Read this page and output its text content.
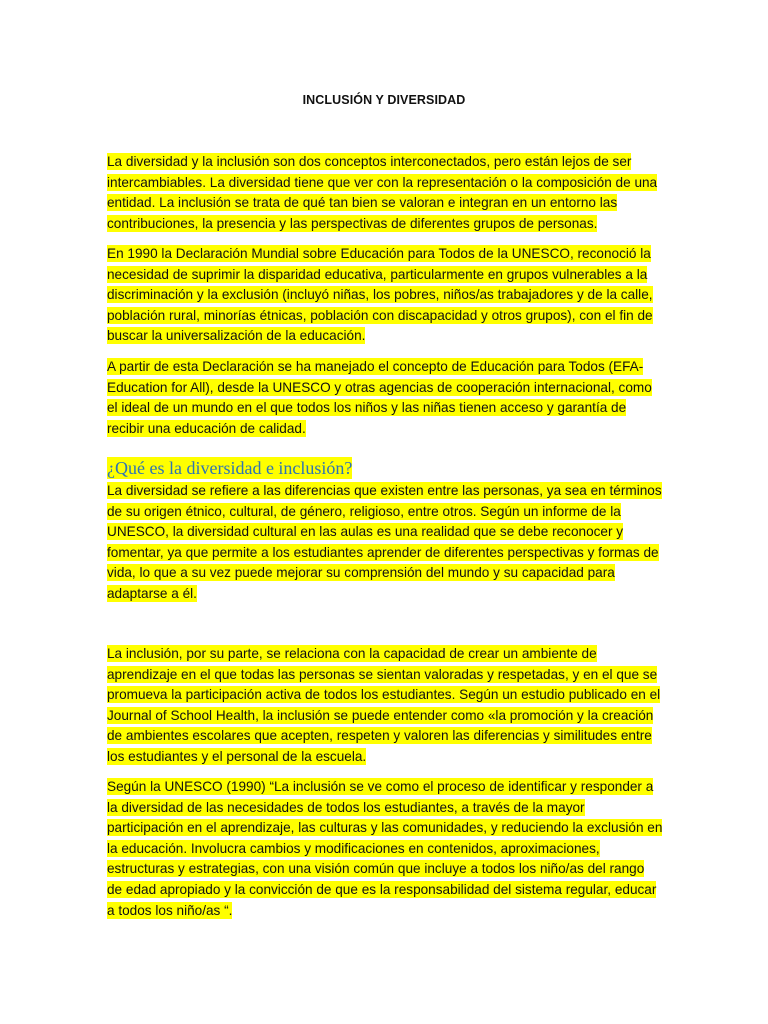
INCLUSIÓN Y DIVERSIDAD
La diversidad y la inclusión son dos conceptos interconectados, pero están lejos de ser intercambiables. La diversidad tiene que ver con la representación o la composición de una entidad. La inclusión se trata de qué tan bien se valoran e integran en un entorno las contribuciones, la presencia y las perspectivas de diferentes grupos de personas.
En 1990 la Declaración Mundial sobre Educación para Todos de la UNESCO, reconoció la necesidad de suprimir la disparidad educativa, particularmente en grupos vulnerables a la discriminación y la exclusión (incluyó niñas, los pobres, niños/as trabajadores y de la calle, población rural, minorías étnicas, población con discapacidad y otros grupos), con el fin de buscar la universalización de la educación.
A partir de esta Declaración se ha manejado el concepto de Educación para Todos (EFA-Education for All), desde la UNESCO y otras agencias de cooperación internacional, como el ideal de un mundo en el que todos los niños y las niñas tienen acceso y garantía de recibir una educación de calidad.
¿Qué es la diversidad e inclusión?
La diversidad se refiere a las diferencias que existen entre las personas, ya sea en términos de su origen étnico, cultural, de género, religioso, entre otros. Según un informe de la UNESCO, la diversidad cultural en las aulas es una realidad que se debe reconocer y fomentar, ya que permite a los estudiantes aprender de diferentes perspectivas y formas de vida, lo que a su vez puede mejorar su comprensión del mundo y su capacidad para adaptarse a él.
La inclusión, por su parte, se relaciona con la capacidad de crear un ambiente de aprendizaje en el que todas las personas se sientan valoradas y respetadas, y en el que se promueva la participación activa de todos los estudiantes. Según un estudio publicado en el Journal of School Health, la inclusión se puede entender como «la promoción y la creación de ambientes escolares que acepten, respeten y valoren las diferencias y similitudes entre los estudiantes y el personal de la escuela.
Según la UNESCO (1990) “La inclusión se ve como el proceso de identificar y responder a la diversidad de las necesidades de todos los estudiantes, a través de la mayor participación en el aprendizaje, las culturas y las comunidades, y reduciendo la exclusión en la educación. Involucra cambios y modificaciones en contenidos, aproximaciones, estructuras y estrategias, con una visión común que incluye a todos los niño/as del rango de edad apropiado y la convicción de que es la responsabilidad del sistema regular, educar a todos los niño/as “.
